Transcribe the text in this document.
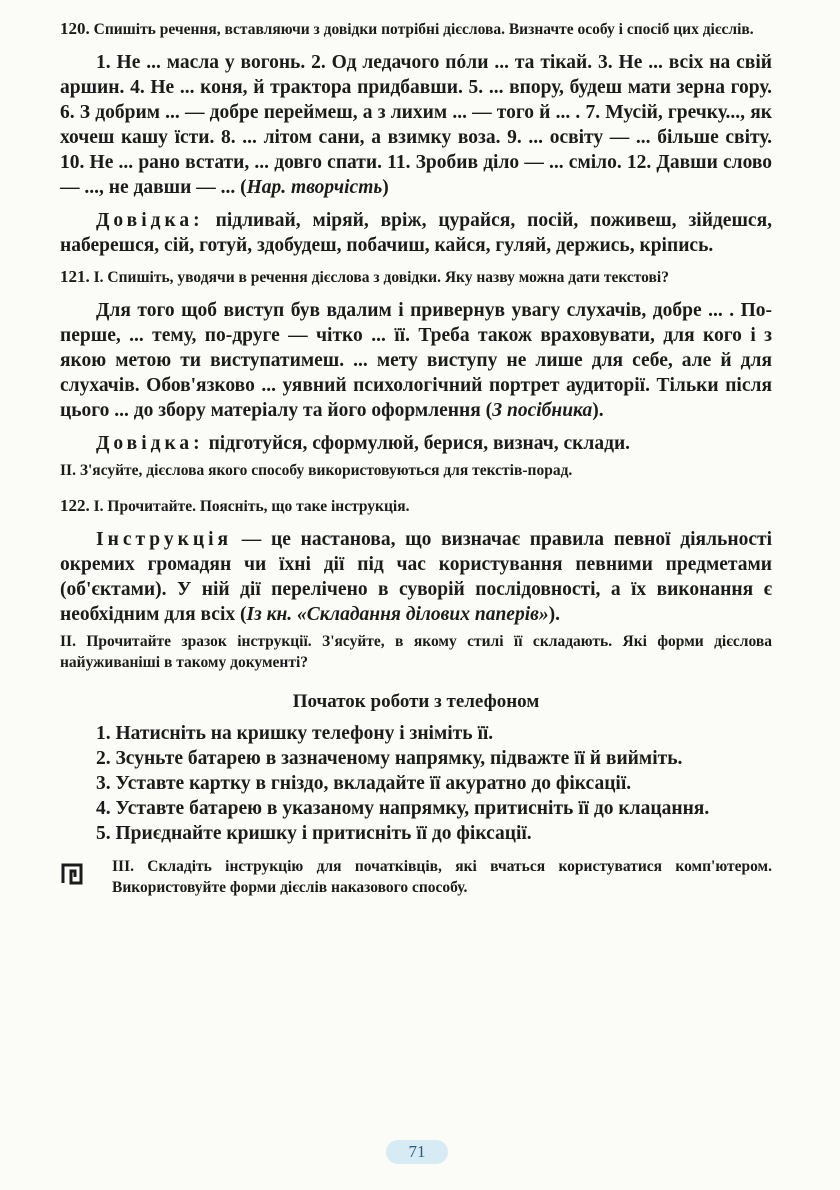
120. Спишіть речення, вставляючи з довідки потрібні дієслова. Визначте особу і спосіб цих дієслів.

1. Не ... масла у вогонь. 2. Од ледачого пóли ... та тікай. 3. Не ... всіх на свій аршин. 4. Не ... коня, й трактора придбавши. 5. ... впору, будеш мати зерна гору. 6. З добрим ... — добре переймеш, а з лихим ... — того й ... . 7. Мусій, гречку..., як хочеш кашу їсти. 8. ... літом сани, а взимку воза. 9. ... освіту — ... більше світу. 10. Не ... рано встати, ... довго спати. 11. Зробив діло — ... сміло. 12. Давши слово — ..., не давши — ... (Нар. творчість)

Довідка: підливай, міряй, вріж, цурайся, посій, поживеш, зійдешся, наберешся, сій, готуй, здобудеш, побачиш, кайся, гуляй, держись, кріпись.

121. I. Спишіть, уводячи в речення дієслова з довідки. Яку назву можна дати текстові?

Для того щоб виступ був вдалим і привернув увагу слухачів, добре ... . По-перше, ... тему, по-друге — чітко ... її. Треба також враховувати, для кого і з якою метою ти виступатимеш. ... мету виступу не лише для себе, але й для слухачів. Обов'язково ... уявний психологічний портрет аудиторії. Тільки після цього ... до збору матеріалу та його оформлення (З посібника).

Довідка: підготуйся, сформулюй, берися, визнач, склади.

II. З'ясуйте, дієслова якого способу використовуються для текстів-порад.

122. I. Прочитайте. Поясніть, що таке інструкція.

Інструкція — це настанова, що визначає правила певної діяльності окремих громадян чи їхні дії під час користування певними предметами (об'єктами). У ній дії перелічено в суворій послідовності, а їх виконання є необхідним для всіх (Із кн. «Складання ділових паперів»).

II. Прочитайте зразок інструкції. З'ясуйте, в якому стилі її складають. Які форми дієслова найуживаніші в такому документі?

Початок роботи з телефоном

1. Натисніть на кришку телефону і зніміть її.

2. Зсуньте батарею в зазначеному напрямку, підважте її й вийміть.

3. Уставте картку в гніздо, вкладайте її акуратно до фіксації.

4. Уставте батарею в указаному напрямку, притисніть її до клацання.

5. Приєднайте кришку і притисніть її до фіксації.

III. Складіть інструкцію для початківців, які вчаться користуватися комп'ютером. Використовуйте форми дієслів наказового способу.
71
